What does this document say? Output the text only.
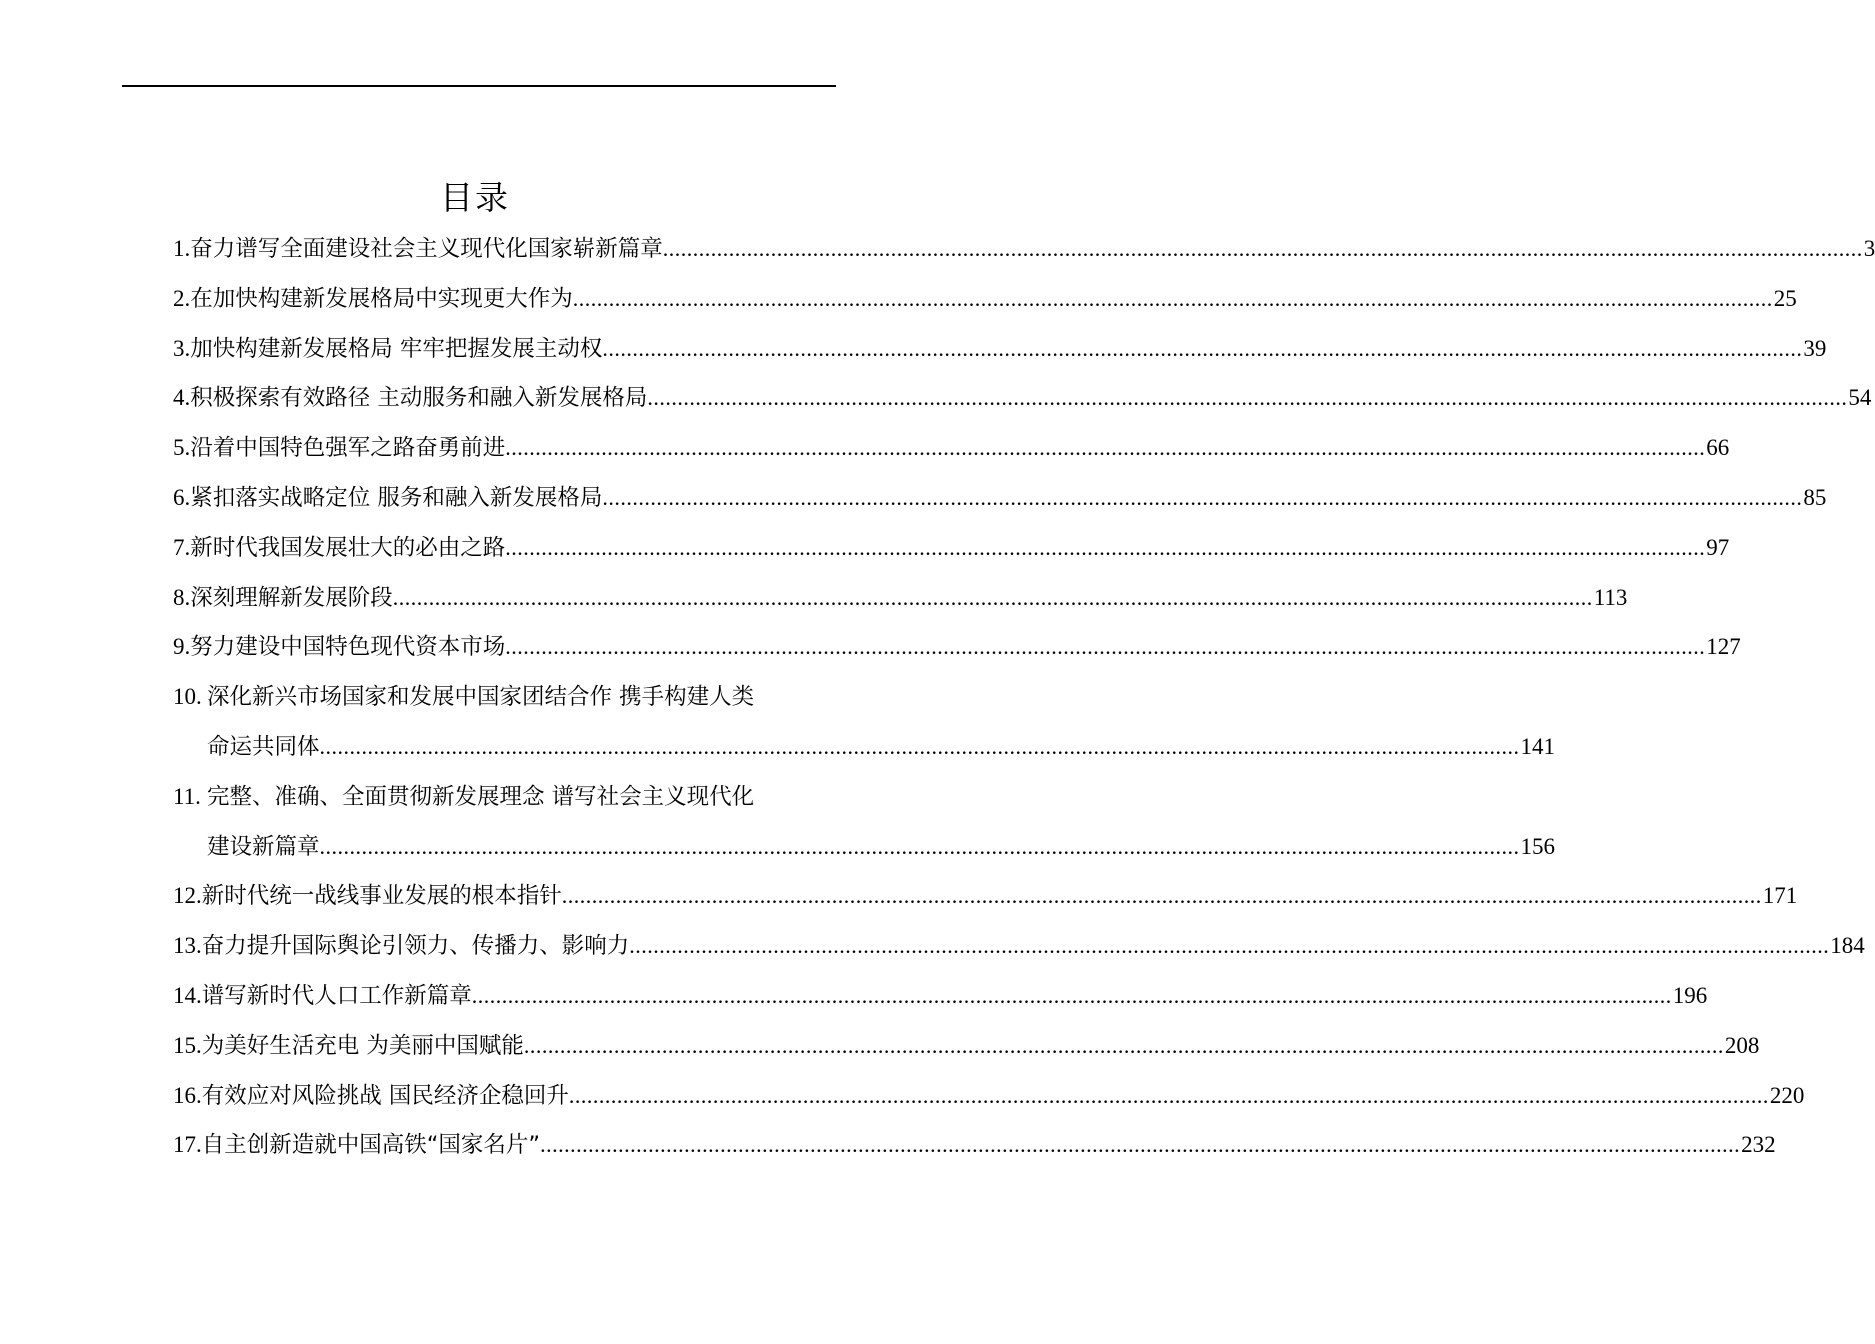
目录
1. 奋力谱写全面建设社会主义现代化国家崭新篇章 ........................................................................................................................................................................................................ 3
2. 在加快构建新发展格局中实现更大作为 ........................................................................................................................................................................................................ 25
3. 加快构建新发展格局 牢牢把握发展主动权 ........................................................................................................................................................................................................ 39
4. 积极探索有效路径 主动服务和融入新发展格局 ........................................................................................................................................................................................................ 54
5. 沿着中国特色强军之路奋勇前进 ........................................................................................................................................................................................................ 66
6. 紧扣落实战略定位 服务和融入新发展格局 ........................................................................................................................................................................................................ 85
7. 新时代我国发展壮大的必由之路 ........................................................................................................................................................................................................ 97
8. 深刻理解新发展阶段 ........................................................................................................................................................................................................ 113
9. 努力建设中国特色现代资本市场 ........................................................................................................................................................................................................ 127
10. 深化新兴市场国家和发展中国家团结合作 携手构建人类
命运共同体 ........................................................................................................................................................................................................ 141
11. 完整、准确、全面贯彻新发展理念 谱写社会主义现代化
建设新篇章 ........................................................................................................................................................................................................ 156
12. 新时代统一战线事业发展的根本指针 ........................................................................................................................................................................................................ 171
13. 奋力提升国际舆论引领力、传播力、影响力 ........................................................................................................................................................................................................ 184
14. 谱写新时代人口工作新篇章 ........................................................................................................................................................................................................ 196
15. 为美好生活充电 为美丽中国赋能 ........................................................................................................................................................................................................ 208
16. 有效应对风险挑战 国民经济企稳回升 ........................................................................................................................................................................................................ 220
17. 自主创新造就中国高铁“国家名片” ........................................................................................................................................................................................................ 232
